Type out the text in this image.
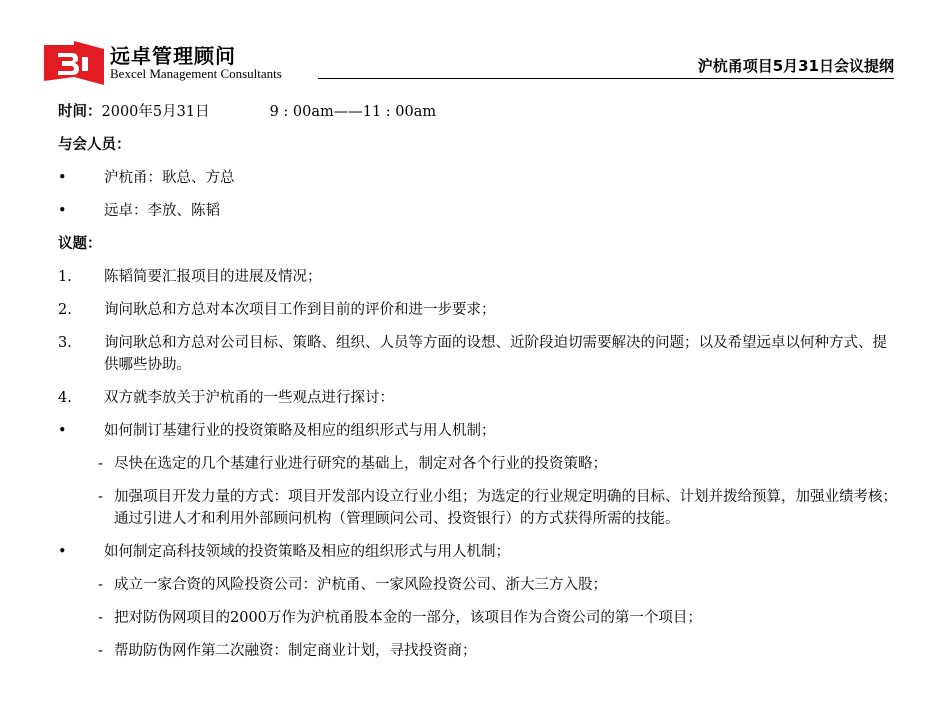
远卓管理顾问
Bexcel Management Consultants	沪杭甬项目5月31日会议提纲
时间：2000年5月31日	9 : 00am——11 : 00am
与会人员：
•	沪杭甬：耿总、方总
•	远卓：李放、陈韬
议题：
1.	陈韬简要汇报项目的进展及情况；
2.	询问耿总和方总对本次项目工作到目前的评价和进一步要求；
3.	询问耿总和方总对公司目标、策略、组织、人员等方面的设想、近阶段迫切需要解决的问题；以及希望远卓以何种方式、提供哪些协助。
4.	双方就李放关于沪杭甬的一些观点进行探讨：
•	如何制订基建行业的投资策略及相应的组织形式与用人机制；
- 尽快在选定的几个基建行业进行研究的基础上，制定对各个行业的投资策略；
- 加强项目开发力量的方式：项目开发部内设立行业小组；为选定的行业规定明确的目标、计划并拨给预算，加强业绩考核；通过引进人才和利用外部顾问机构（管理顾问公司、投资银行）的方式获得所需的技能。
•	如何制定高科技领域的投资策略及相应的组织形式与用人机制；
- 成立一家合资的风险投资公司：沪杭甬、一家风险投资公司、浙大三方入股；
- 把对防伪网项目的2000万作为沪杭甬股本金的一部分，该项目作为合资公司的第一个项目；
- 帮助防伪网作第二次融资：制定商业计划，寻找投资商；
